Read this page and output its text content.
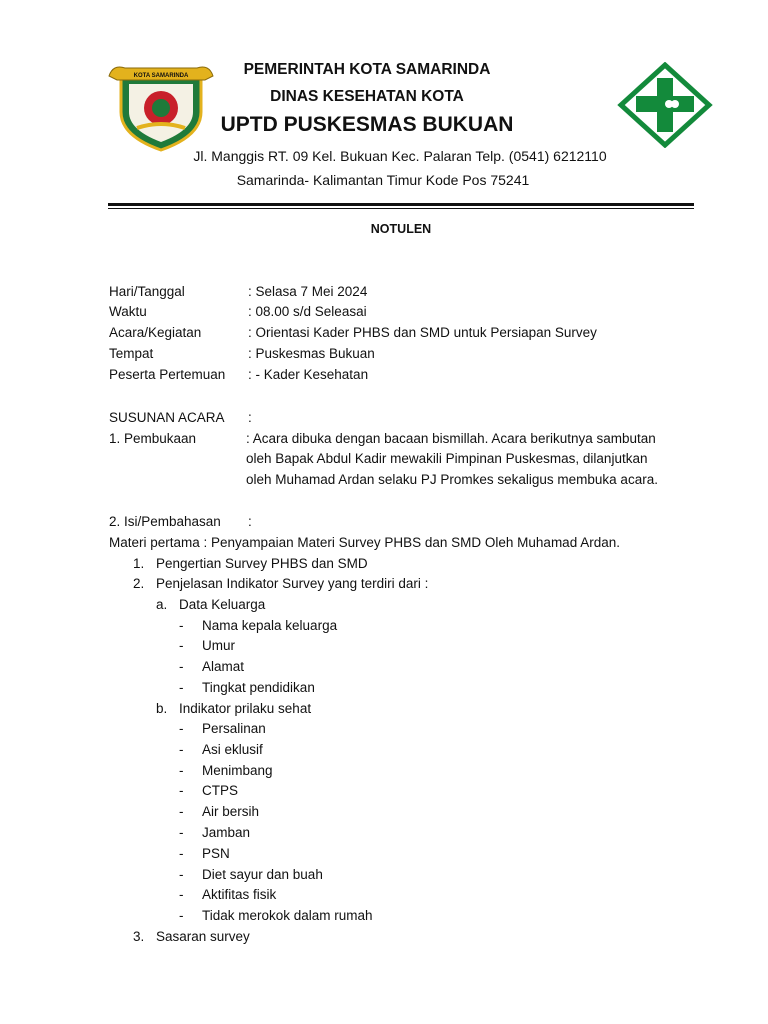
KOTA SAMARINDA	PEMERINTAH KOTA SAMARINDA
DINAS KESEHATAN KOTA
UPTD PUSKESMAS BUKUAN
Jl. Manggis RT. 09 Kel. Bukuan Kec. Palaran Telp. (0541) 6212110
Samarinda- Kalimantan Timur Kode Pos 75241
NOTULEN
Hari/Tanggal	: Selasa 7 Mei 2024
Waktu	: 08.00 s/d Seleasai
Acara/Kegiatan	: Orientasi Kader PHBS dan SMD untuk Persiapan Survey
Tempat	: Puskesmas Bukuan
Peserta Pertemuan : - Kader Kesehatan
SUSUNAN ACARA :
1. Pembukaan	: Acara dibuka dengan bacaan bismillah. Acara berikutnya sambutan
oleh Bapak Abdul Kadir mewakili Pimpinan Puskesmas, dilanjutkan
oleh Muhamad Ardan selaku PJ Promkes sekaligus membuka acara.
2. Isi/Pembahasan :
Materi pertama : Penyampaian Materi Survey PHBS dan SMD Oleh Muhamad Ardan.
1. Pengertian Survey PHBS dan SMD
2. Penjelasan Indikator Survey yang terdiri dari :
a. Data Keluarga
- Nama kepala keluarga
- Umur
- Alamat
- Tingkat pendidikan
b. Indikator prilaku sehat
- Persalinan
- Asi eklusif
- Menimbang
- CTPS
- Air bersih
- Jamban
- PSN
- Diet sayur dan buah
- Aktifitas fisik
- Tidak merokok dalam rumah
3. Sasaran survey
